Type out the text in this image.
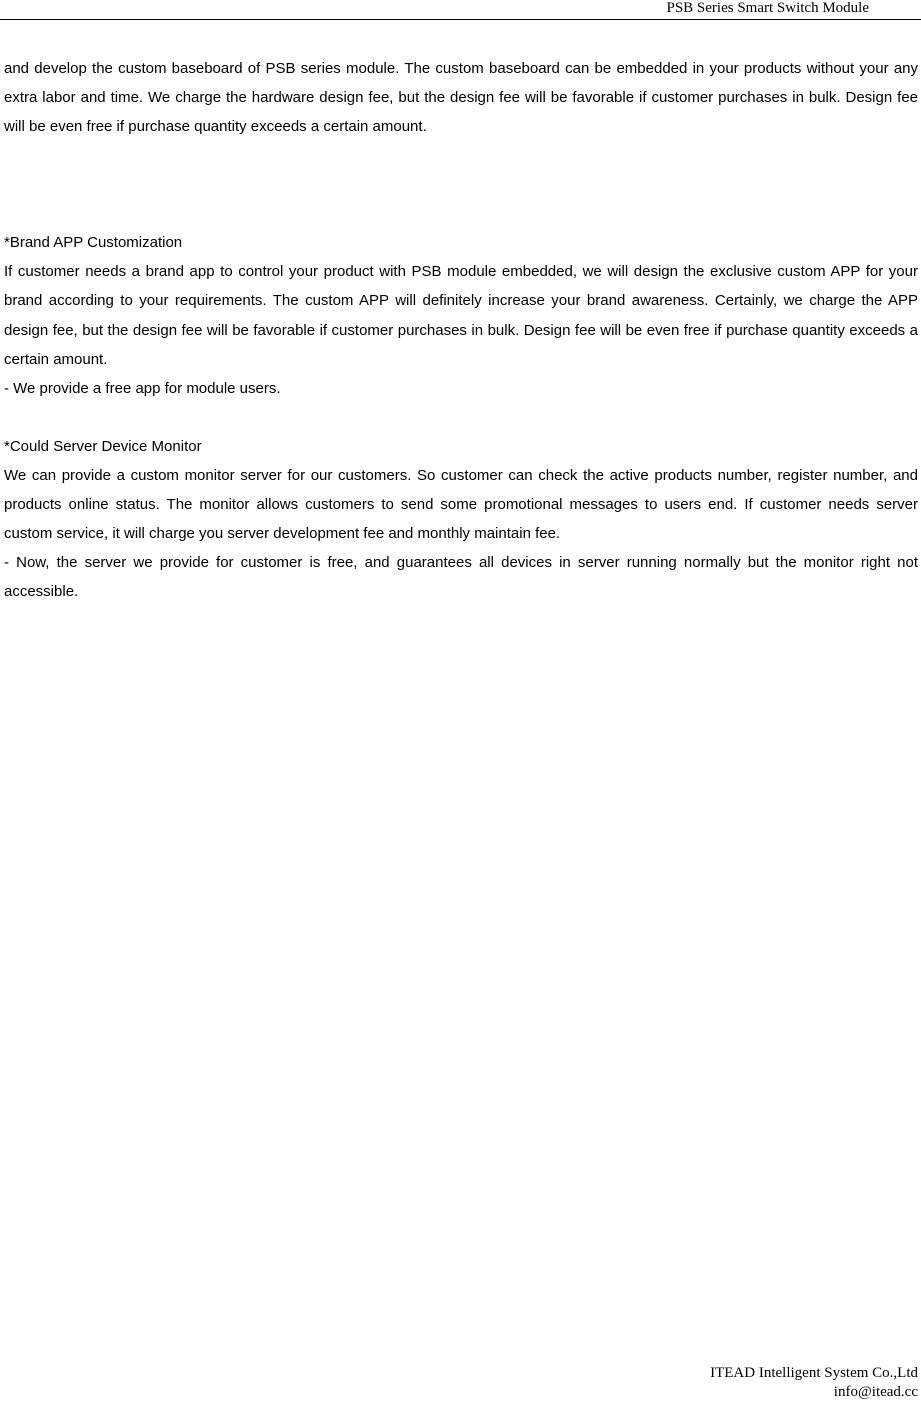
PSB Series Smart Switch Module

and develop the custom baseboard of PSB series module. The custom baseboard can be embedded in your products without your any extra labor and time. We charge the hardware design fee, but the design fee will be favorable if customer purchases in bulk. Design fee will be even free if purchase quantity exceeds a certain amount.

*Brand APP Customization

If customer needs a brand app to control your product with PSB module embedded, we will design the exclusive custom APP for your brand according to your requirements. The custom APP will definitely increase your brand awareness. Certainly, we charge the APP design fee, but the design fee will be favorable if customer purchases in bulk. Design fee will be even free if purchase quantity exceeds a certain amount.

- We provide a free app for module users.

*Could Server Device Monitor

We can provide a custom monitor server for our customers. So customer can check the active products number, register number, and products online status. The monitor allows customers to send some promotional messages to users end. If customer needs server custom service, it will charge you server development fee and monthly maintain fee.

- Now, the server we provide for customer is free, and guarantees all devices in server running normally but the monitor right not accessible.

ITEAD Intelligent System Co.,Ltd
info@itead.cc
